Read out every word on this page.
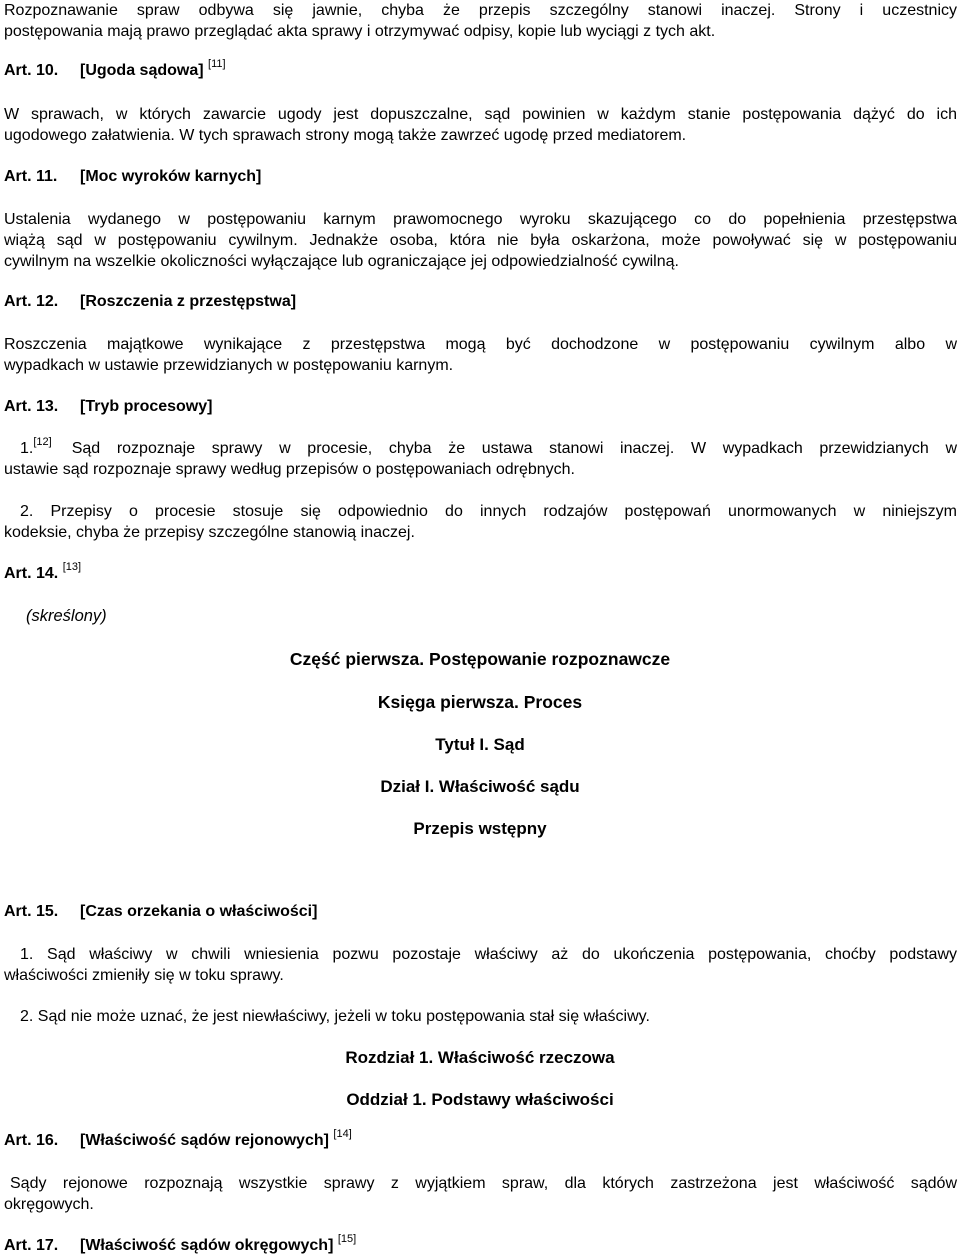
Rozpoznawanie spraw odbywa się jawnie, chyba że przepis szczególny stanowi inaczej. Strony i uczestnicy
postępowania mają prawo przeglądać akta sprawy i otrzymywać odpisy, kopie lub wyciągi z tych akt.
Art. 10. [Ugoda sądowa] [11]
W sprawach, w których zawarcie ugody jest dopuszczalne, sąd powinien w każdym stanie postępowania dążyć do ich
ugodowego załatwienia. W tych sprawach strony mogą także zawrzeć ugodę przed mediatorem.
Art. 11. [Moc wyroków karnych]
Ustalenia wydanego w postępowaniu karnym prawomocnego wyroku skazującego co do popełnienia przestępstwa
wiążą sąd w postępowaniu cywilnym. Jednakże osoba, która nie była oskarżona, może powoływać się w postępowaniu
cywilnym na wszelkie okoliczności wyłączające lub ograniczające jej odpowiedzialność cywilną.
Art. 12. [Roszczenia z przestępstwa]
Roszczenia majątkowe wynikające z przestępstwa mogą być dochodzone w postępowaniu cywilnym albo w
wypadkach w ustawie przewidzianych w postępowaniu karnym.
Art. 13. [Tryb procesowy]
1.[12] Sąd rozpoznaje sprawy w procesie, chyba że ustawa stanowi inaczej. W wypadkach przewidzianych w
ustawie sąd rozpoznaje sprawy według przepisów o postępowaniach odrębnych.
2. Przepisy o procesie stosuje się odpowiednio do innych rodzajów postępowań unormowanych w niniejszym
kodeksie, chyba że przepisy szczególne stanowią inaczej.
Art. 14. [13]
(skreślony)
Część pierwsza. Postępowanie rozpoznawcze
Księga pierwsza. Proces
Tytuł I. Sąd
Dział I. Właściwość sądu
Przepis wstępny
Art. 15. [Czas orzekania o właściwości]
1. Sąd właściwy w chwili wniesienia pozwu pozostaje właściwy aż do ukończenia postępowania, choćby podstawy
właściwości zmieniły się w toku sprawy.
2. Sąd nie może uznać, że jest niewłaściwy, jeżeli w toku postępowania stał się właściwy.
Rozdział 1. Właściwość rzeczowa
Oddział 1. Podstawy właściwości
Art. 16. [Właściwość sądów rejonowych] [14]
Sądy rejonowe rozpoznają wszystkie sprawy z wyjątkiem spraw, dla których zastrzeżona jest właściwość sądów
okręgowych.
Art. 17. [Właściwość sądów okręgowych] [15]
